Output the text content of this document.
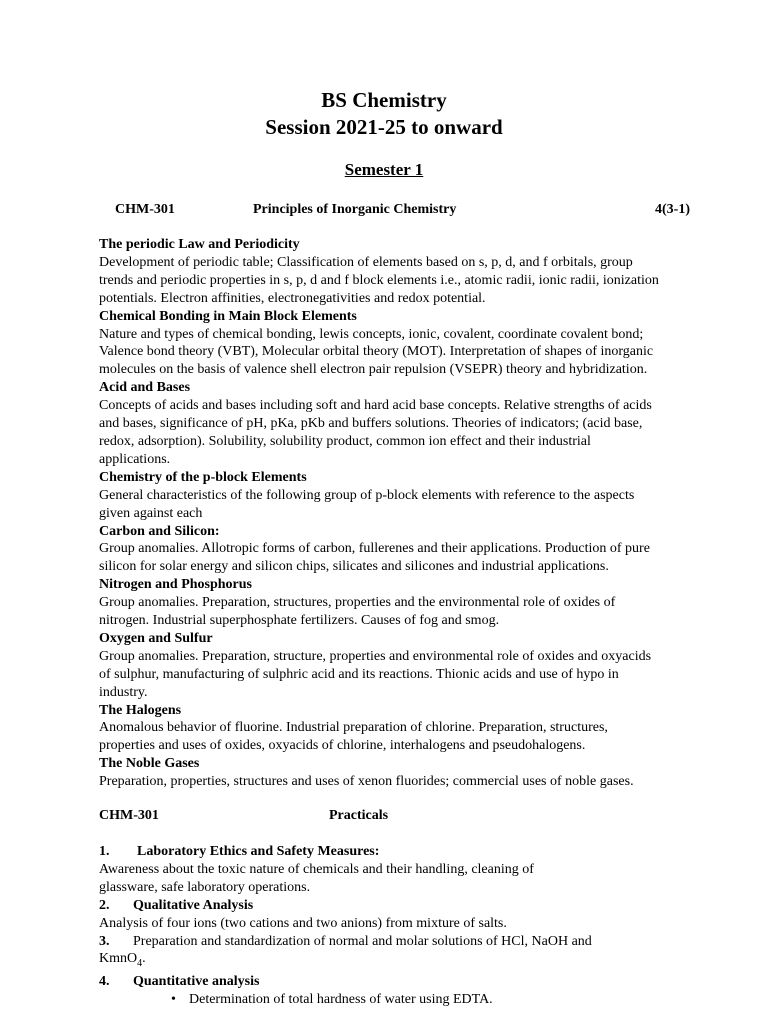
BS Chemistry
Session 2021-25 to onward
Semester 1
CHM-301	Principles of Inorganic Chemistry	4(3-1)

The periodic Law and Periodicity

Development of periodic table; Classification of elements based on s, p, d, and f orbitals, group

trends and periodic properties in s, p, d and f block elements i.e., atomic radii, ionic radii, ionization

potentials. Electron affinities, electronegativities and redox potential.

Chemical Bonding in Main Block Elements

Nature and types of chemical bonding, lewis concepts, ionic, covalent, coordinate covalent bond;

Valence bond theory (VBT), Molecular orbital theory (MOT). Interpretation of shapes of inorganic

molecules on the basis of valence shell electron pair repulsion (VSEPR) theory and hybridization.

Acid and Bases

Concepts of acids and bases including soft and hard acid base concepts. Relative strengths of acids

and bases, significance of pH, pKa, pKb and buffers solutions. Theories of indicators; (acid base,

redox, adsorption). Solubility, solubility product, common ion effect and their industrial

applications.

Chemistry of the p-block Elements

General characteristics of the following group of p-block elements with reference to the aspects

given against each

Carbon and Silicon:

Group anomalies. Allotropic forms of carbon, fullerenes and their applications. Production of pure

silicon for solar energy and silicon chips, silicates and silicones and industrial applications.

Nitrogen and Phosphorus

Group anomalies. Preparation, structures, properties and the environmental role of oxides of

nitrogen. Industrial superphosphate fertilizers. Causes of fog and smog.

Oxygen and Sulfur

Group anomalies. Preparation, structure, properties and environmental role of oxides and oxyacids

of sulphur, manufacturing of sulphric acid and its reactions. Thionic acids and use of hypo in

industry.

The Halogens

Anomalous behavior of fluorine. Industrial preparation of chlorine. Preparation, structures,

properties and uses of oxides, oxyacids of chlorine, interhalogens and pseudohalogens.

The Noble Gases

Preparation, properties, structures and uses of xenon fluorides; commercial uses of noble gases.

CHM-301	Practicals

1. Laboratory Ethics and Safety Measures:

Awareness about the toxic nature of chemicals and their handling, cleaning of

glassware, safe laboratory operations.

2. Qualitative Analysis

Analysis of four ions (two cations and two anions) from mixture of salts.

3. Preparation and standardization of normal and molar solutions of HCl, NaOH and

KmnO$_4$.

4. Quantitative analysis

• Determination of total hardness of water using EDTA.
